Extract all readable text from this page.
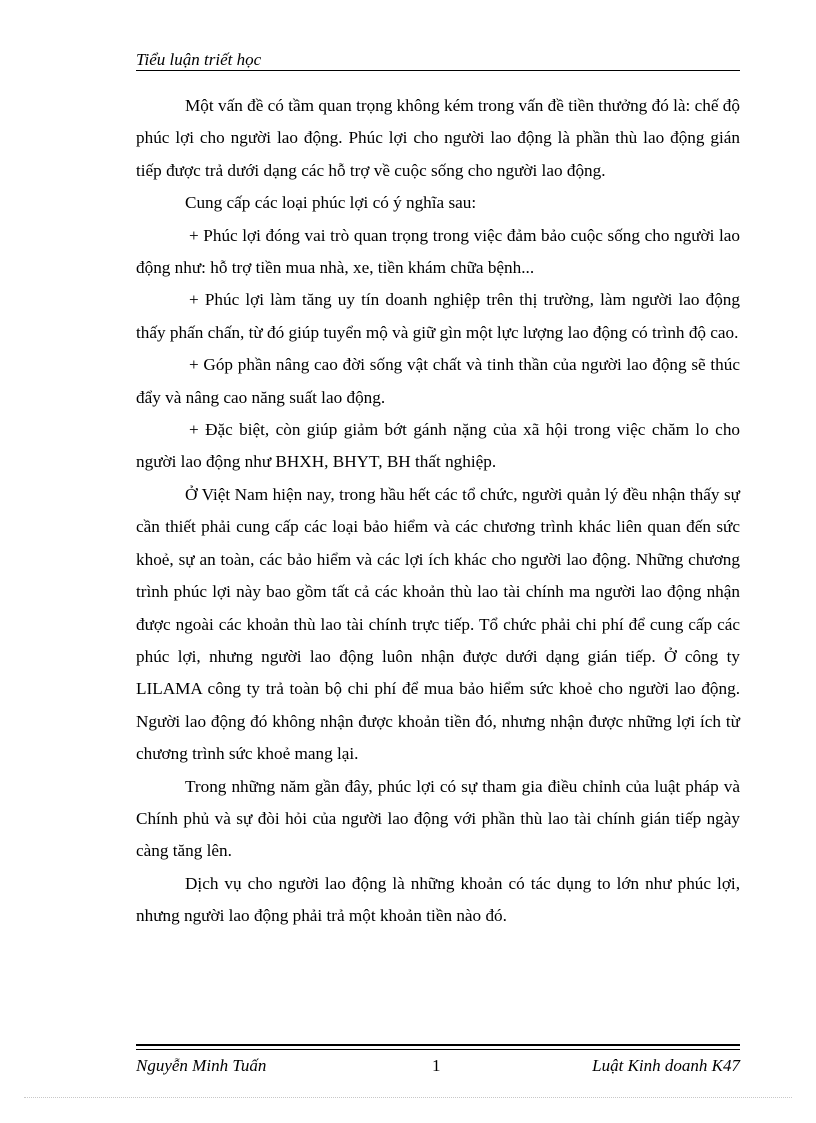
Tiểu luận triết học

Một vấn đề có tầm quan trọng không kém trong vấn đề tiền thưởng đó là: chế độ phúc lợi cho người lao động. Phúc lợi cho người lao động là phần thù lao động gián tiếp được trả dưới dạng các hỗ trợ về cuộc sống cho người lao động.

Cung cấp các loại phúc lợi có ý nghĩa sau:

+ Phúc lợi đóng vai trò quan trọng trong việc đảm bảo cuộc sống cho người lao động như: hỗ trợ tiền mua nhà, xe, tiền khám chữa bệnh...

+ Phúc lợi làm tăng uy tín doanh nghiệp trên thị trường, làm người lao động thấy phấn chấn, từ đó giúp tuyển mộ và giữ gìn một lực lượng lao động có trình độ cao.

+ Góp phần nâng cao đời sống vật chất và tinh thần của người lao động sẽ thúc đẩy và nâng cao năng suất lao động.

+ Đặc biệt, còn giúp giảm bớt gánh nặng của xã hội trong việc chăm lo cho người lao động như BHXH, BHYT, BH thất nghiệp.

Ở Việt Nam hiện nay, trong hầu hết các tổ chức, người quản lý đều nhận thấy sự cần thiết phải cung cấp các loại bảo hiểm và các chương trình khác liên quan đến sức khoẻ, sự an toàn, các bảo hiểm và các lợi ích khác cho người lao động. Những chương trình phúc lợi này bao gồm tất cả các khoản thù lao tài chính ma người lao động nhận được ngoài các khoản thù lao tài chính trực tiếp. Tổ chức phải chi phí để cung cấp các phúc lợi, nhưng người lao động luôn nhận được dưới dạng gián tiếp. Ở công ty LILAMA công ty trả toàn bộ chi phí để mua bảo hiểm sức khoẻ cho người lao động. Người lao động đó không nhận được khoản tiền đó, nhưng nhận được những lợi ích từ chương trình sức khoẻ mang lại.

Trong những năm gần đây, phúc lợi có sự tham gia điều chỉnh của luật pháp và Chính phủ và sự đòi hỏi của người lao động với phần thù lao tài chính gián tiếp ngày càng tăng lên.

Dịch vụ cho người lao động là những khoản có tác dụng to lớn như phúc lợi, nhưng người lao động phải trả một khoản tiền nào đó.

Nguyễn Minh Tuấn	1	Luật Kinh doanh K47
